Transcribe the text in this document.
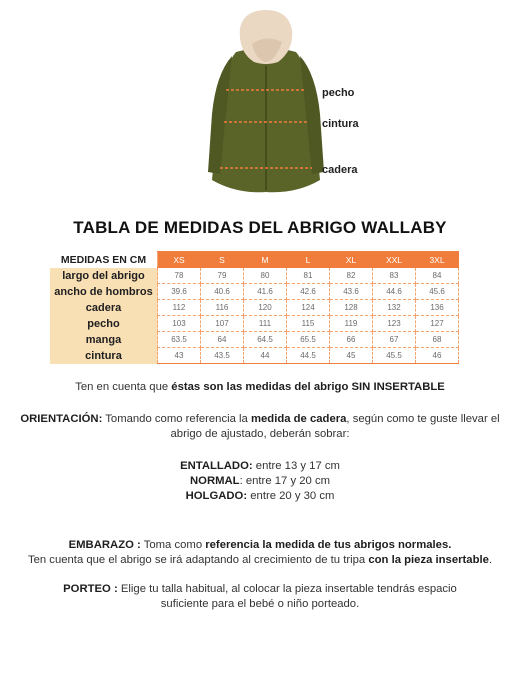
pecho
cintura
cadera
TABLA DE MEDIDAS DEL ABRIGO WALLABY
MEDIDAS EN CM	XS	S	M	L	XL	XXL	3XL
largo del abrigo	78	79	80	81	82	83	84
ancho de hombros	39.6	40.6	41.6	42.6	43.6	44.6	45.6
cadera	112	116	120	124	128	132	136
pecho	103	107	111	115	119	123	127
manga	63.5	64	64.5	65.5	66	67	68
cintura	43	43.5	44	44.5	45	45.5	46
Ten en cuenta que éstas son las medidas del abrigo SIN INSERTABLE
ORIENTACIÓN: Tomando como referencia la medida de cadera, según como te guste llevar el
abrigo de ajustado, deberán sobrar:
ENTALLADO: entre 13 y 17 cm
NORMAL: entre 17 y 20 cm
HOLGADO: entre 20 y 30 cm
EMBARAZO : Toma como referencia la medida de tus abrigos normales.
Ten cuenta que el abrigo se irá adaptando al crecimiento de tu tripa con la pieza insertable.
PORTEO : Elige tu talla habitual, al colocar la pieza insertable tendrás espacio
suficiente para el bebé o niño porteado.
